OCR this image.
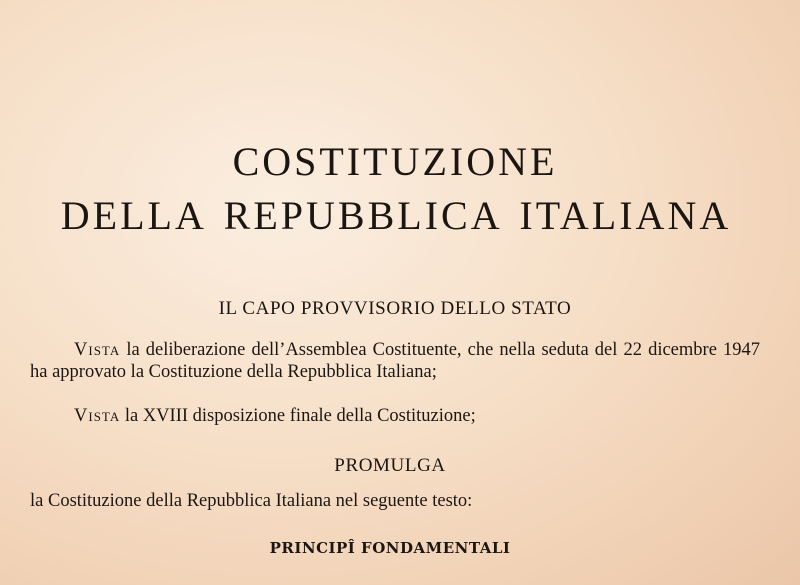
COSTITUZIONE
DELLA REPUBBLICA ITALIANA
IL CAPO PROVVISORIO DELLO STATO
Vista la deliberazione dell’Assemblea Costituente, che nella seduta del 22 dicembre 1947 ha approvato la Costituzione della Repubblica Italiana;
Vista la XVIII disposizione finale della Costituzione;
PROMULGA
la Costituzione della Repubblica Italiana nel seguente testo:
PRINCIPÎ FONDAMENTALI
